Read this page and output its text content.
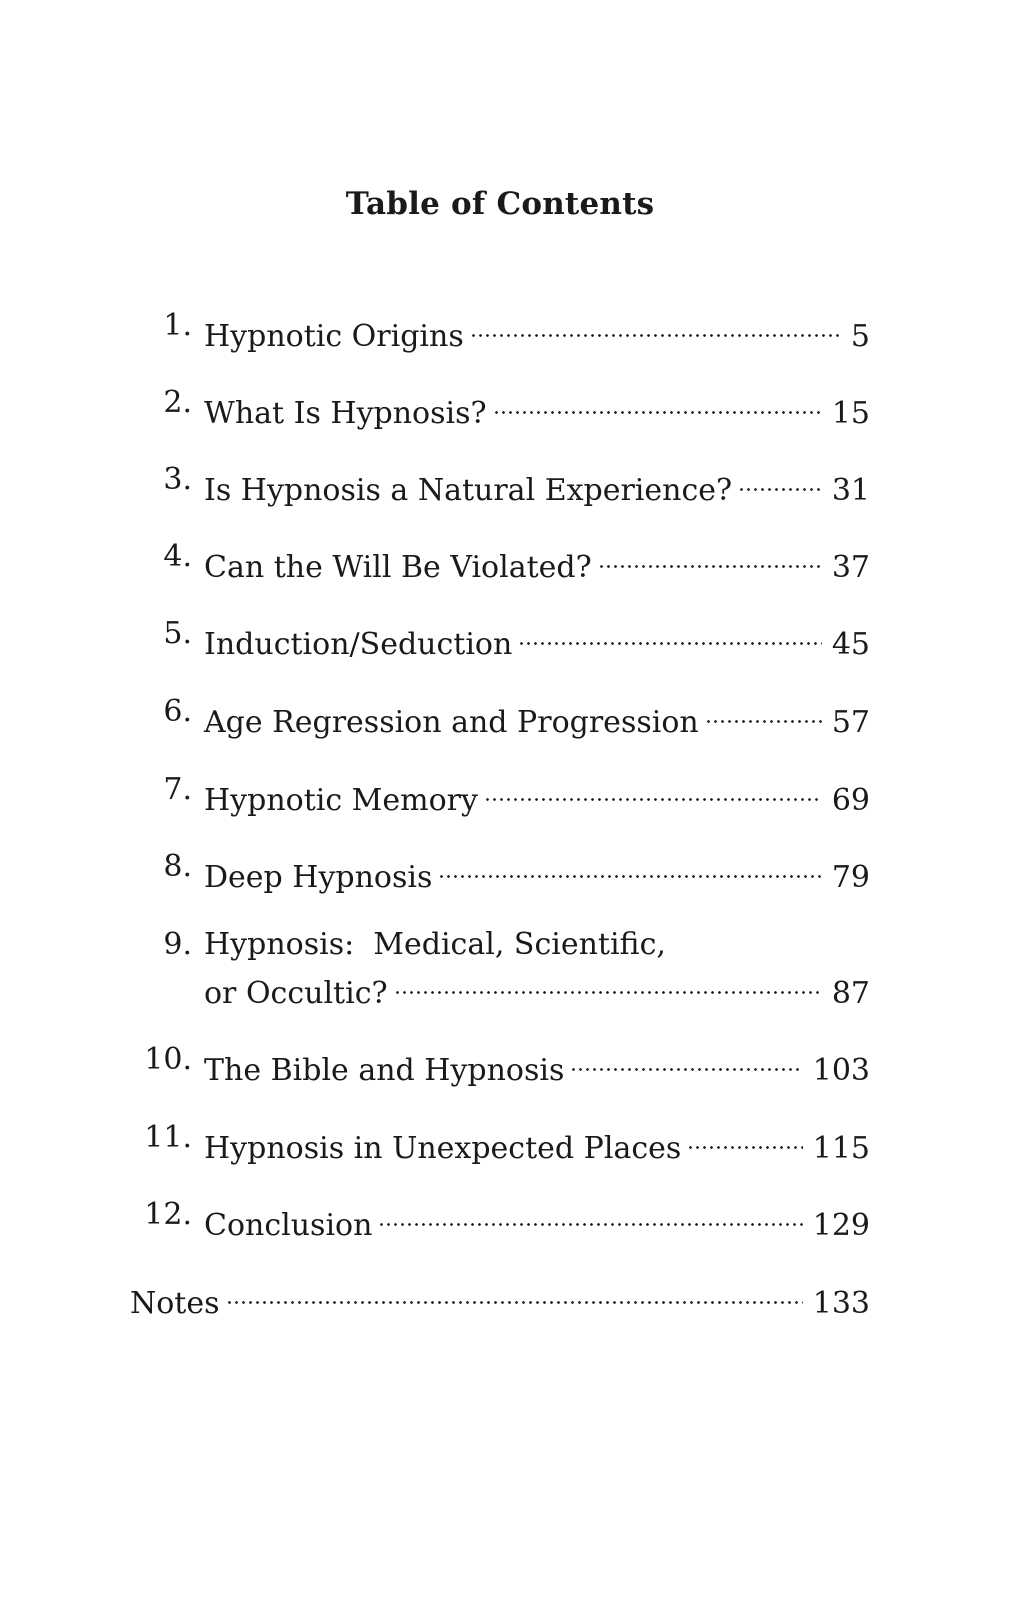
Table of Contents
1. Hypnotic Origins	5
2. What Is Hypnosis?	15
3. Is Hypnosis a Natural Experience?	31
4. Can the Will Be Violated?	37
5. Induction/Seduction	45
6. Age Regression and Progression	57
7. Hypnotic Memory	69
8. Deep Hypnosis	79
9. Hypnosis:  Medical, Scientific,
or Occultic?	87
10. The Bible and Hypnosis	103
11. Hypnosis in Unexpected Places	115
12. Conclusion	129
Notes	133
